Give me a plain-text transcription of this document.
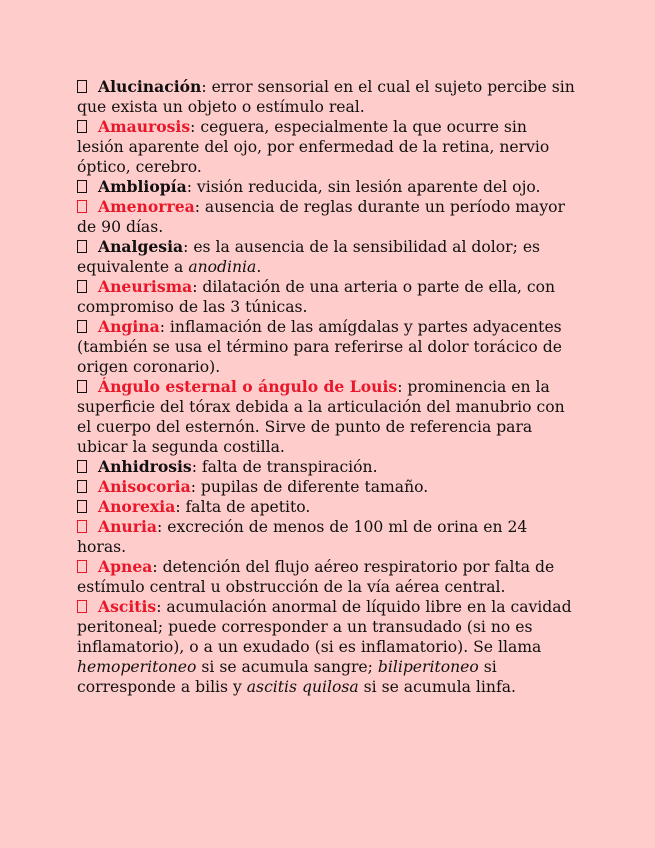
Alucinación: error sensorial en el cual el sujeto percibe sin que exista un objeto o estímulo real.

Amaurosis: ceguera, especialmente la que ocurre sin lesión aparente del ojo, por enfermedad de la retina, nervio óptico, cerebro.

Ambliopía: visión reducida, sin lesión aparente del ojo.

Amenorrea: ausencia de reglas durante un período mayor de 90 días.

Analgesia: es la ausencia de la sensibilidad al dolor; es equivalente a anodinia.

Aneurisma: dilatación de una arteria o parte de ella, con compromiso de las 3 túnicas.

Angina: inflamación de las amígdalas y partes adyacentes (también se usa el término para referirse al dolor torácico de origen coronario).

Ángulo esternal o ángulo de Louis: prominencia en la superficie del tórax debida a la articulación del manubrio con el cuerpo del esternón. Sirve de punto de referencia para ubicar la segunda costilla.

Anhidrosis: falta de transpiración.

Anisocoria: pupilas de diferente tamaño.

Anorexia: falta de apetito.

Anuria: excreción de menos de 100 ml de orina en 24 horas.

Apnea: detención del flujo aéreo respiratorio por falta de estímulo central u obstrucción de la vía aérea central.

Ascitis: acumulación anormal de líquido libre en la cavidad peritoneal; puede corresponder a un transudado (si no es inflamatorio), o a un exudado (si es inflamatorio). Se llama hemoperitoneo si se acumula sangre; biliperitoneo si corresponde a bilis y ascitis quilosa si se acumula linfa.
